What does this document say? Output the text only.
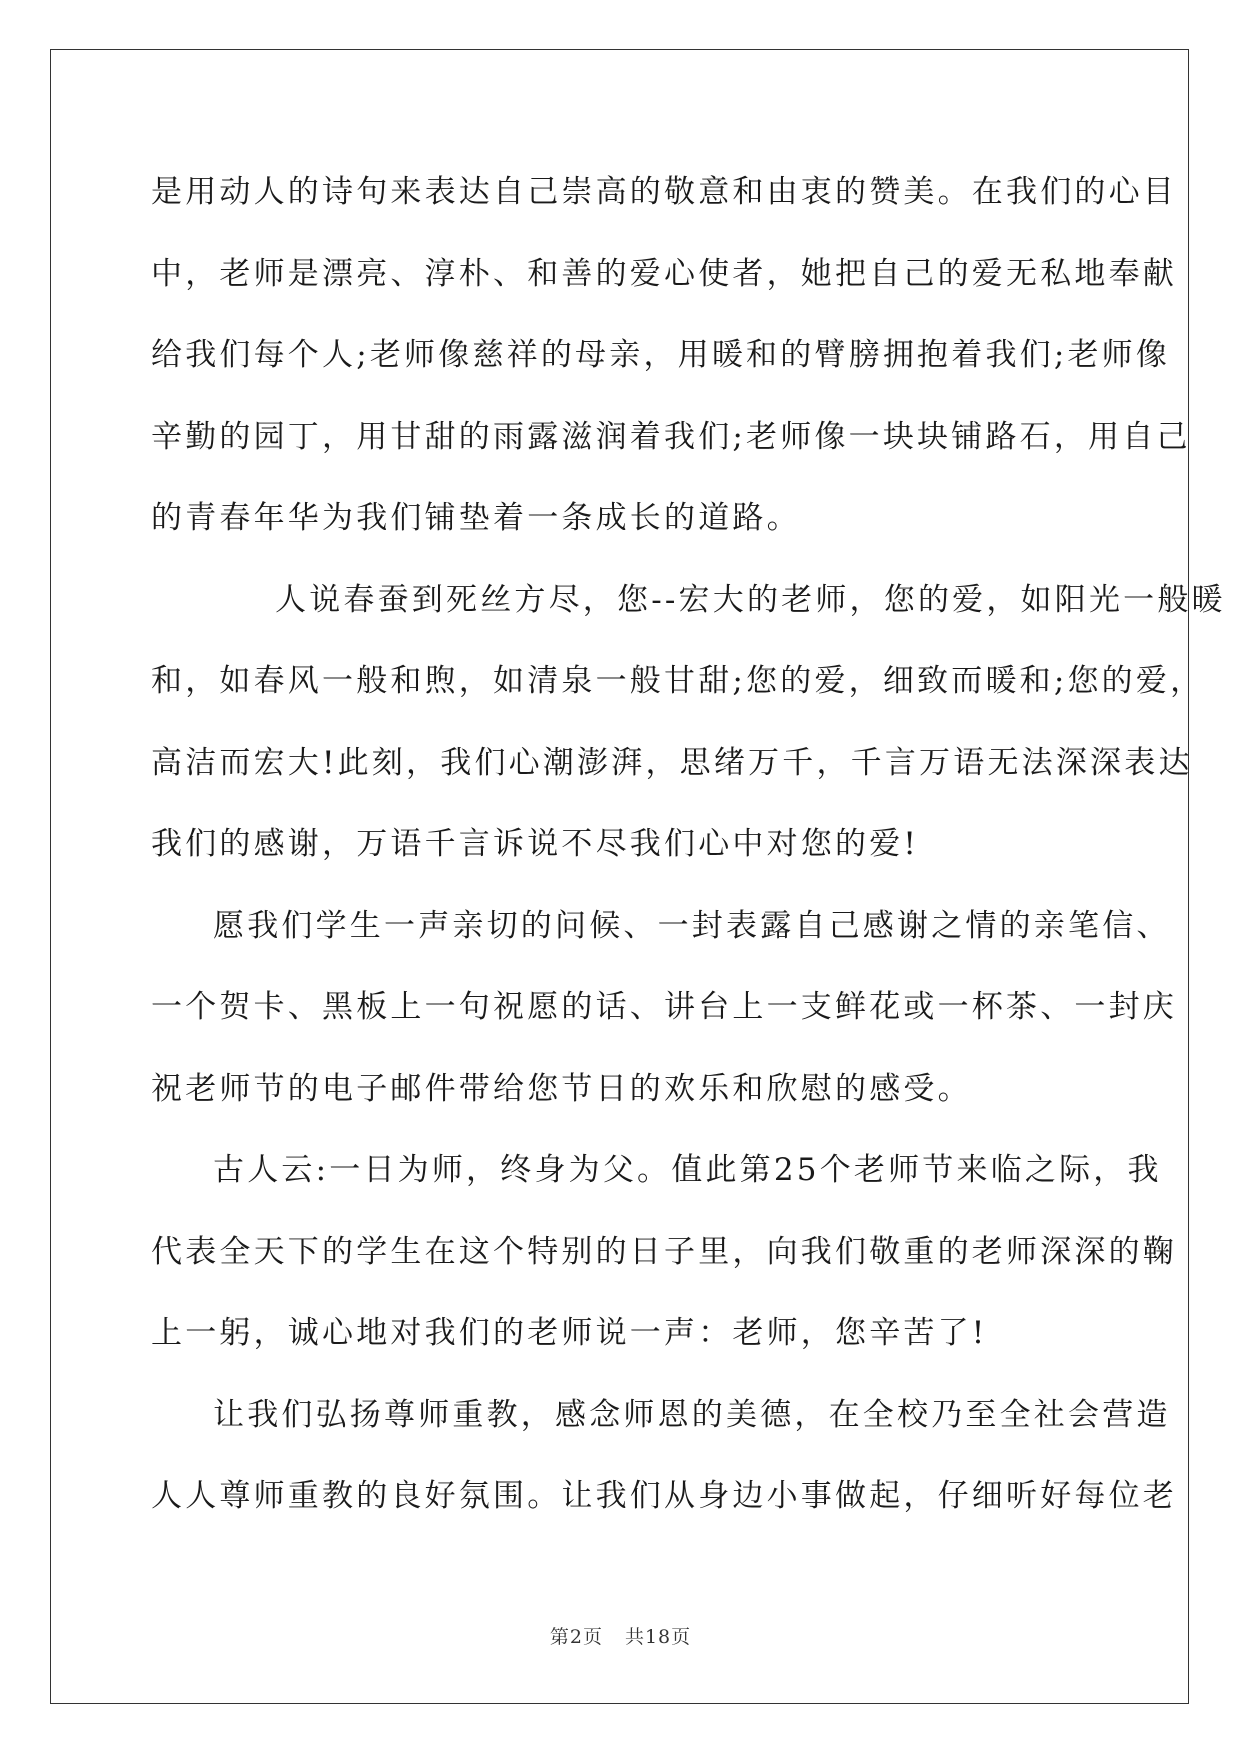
是用动人的诗句来表达自己崇高的敬意和由衷的赞美。在我们的心目
中，老师是漂亮、淳朴、和善的爱心使者，她把自己的爱无私地奉献
给我们每个人;老师像慈祥的母亲，用暖和的臂膀拥抱着我们;老师像
辛勤的园丁，用甘甜的雨露滋润着我们;老师像一块块铺路石，用自己
的青春年华为我们铺垫着一条成长的道路。

人说春蚕到死丝方尽，您--宏大的老师，您的爱，如阳光一般暖
和，如春风一般和煦，如清泉一般甘甜;您的爱，细致而暖和;您的爱，
高洁而宏大!此刻，我们心潮澎湃，思绪万千，千言万语无法深深表达
我们的感谢，万语千言诉说不尽我们心中对您的爱!

愿我们学生一声亲切的问候、一封表露自己感谢之情的亲笔信、
一个贺卡、黑板上一句祝愿的话、讲台上一支鲜花或一杯茶、一封庆
祝老师节的电子邮件带给您节日的欢乐和欣慰的感受。

古人云:一日为师，终身为父。值此第25个老师节来临之际，我
代表全天下的学生在这个特别的日子里，向我们敬重的老师深深的鞠
上一躬，诚心地对我们的老师说一声：老师，您辛苦了!

让我们弘扬尊师重教，感念师恩的美德，在全校乃至全社会营造
人人尊师重教的良好氛围。让我们从身边小事做起，仔细听好每位老

第2页 共18页
